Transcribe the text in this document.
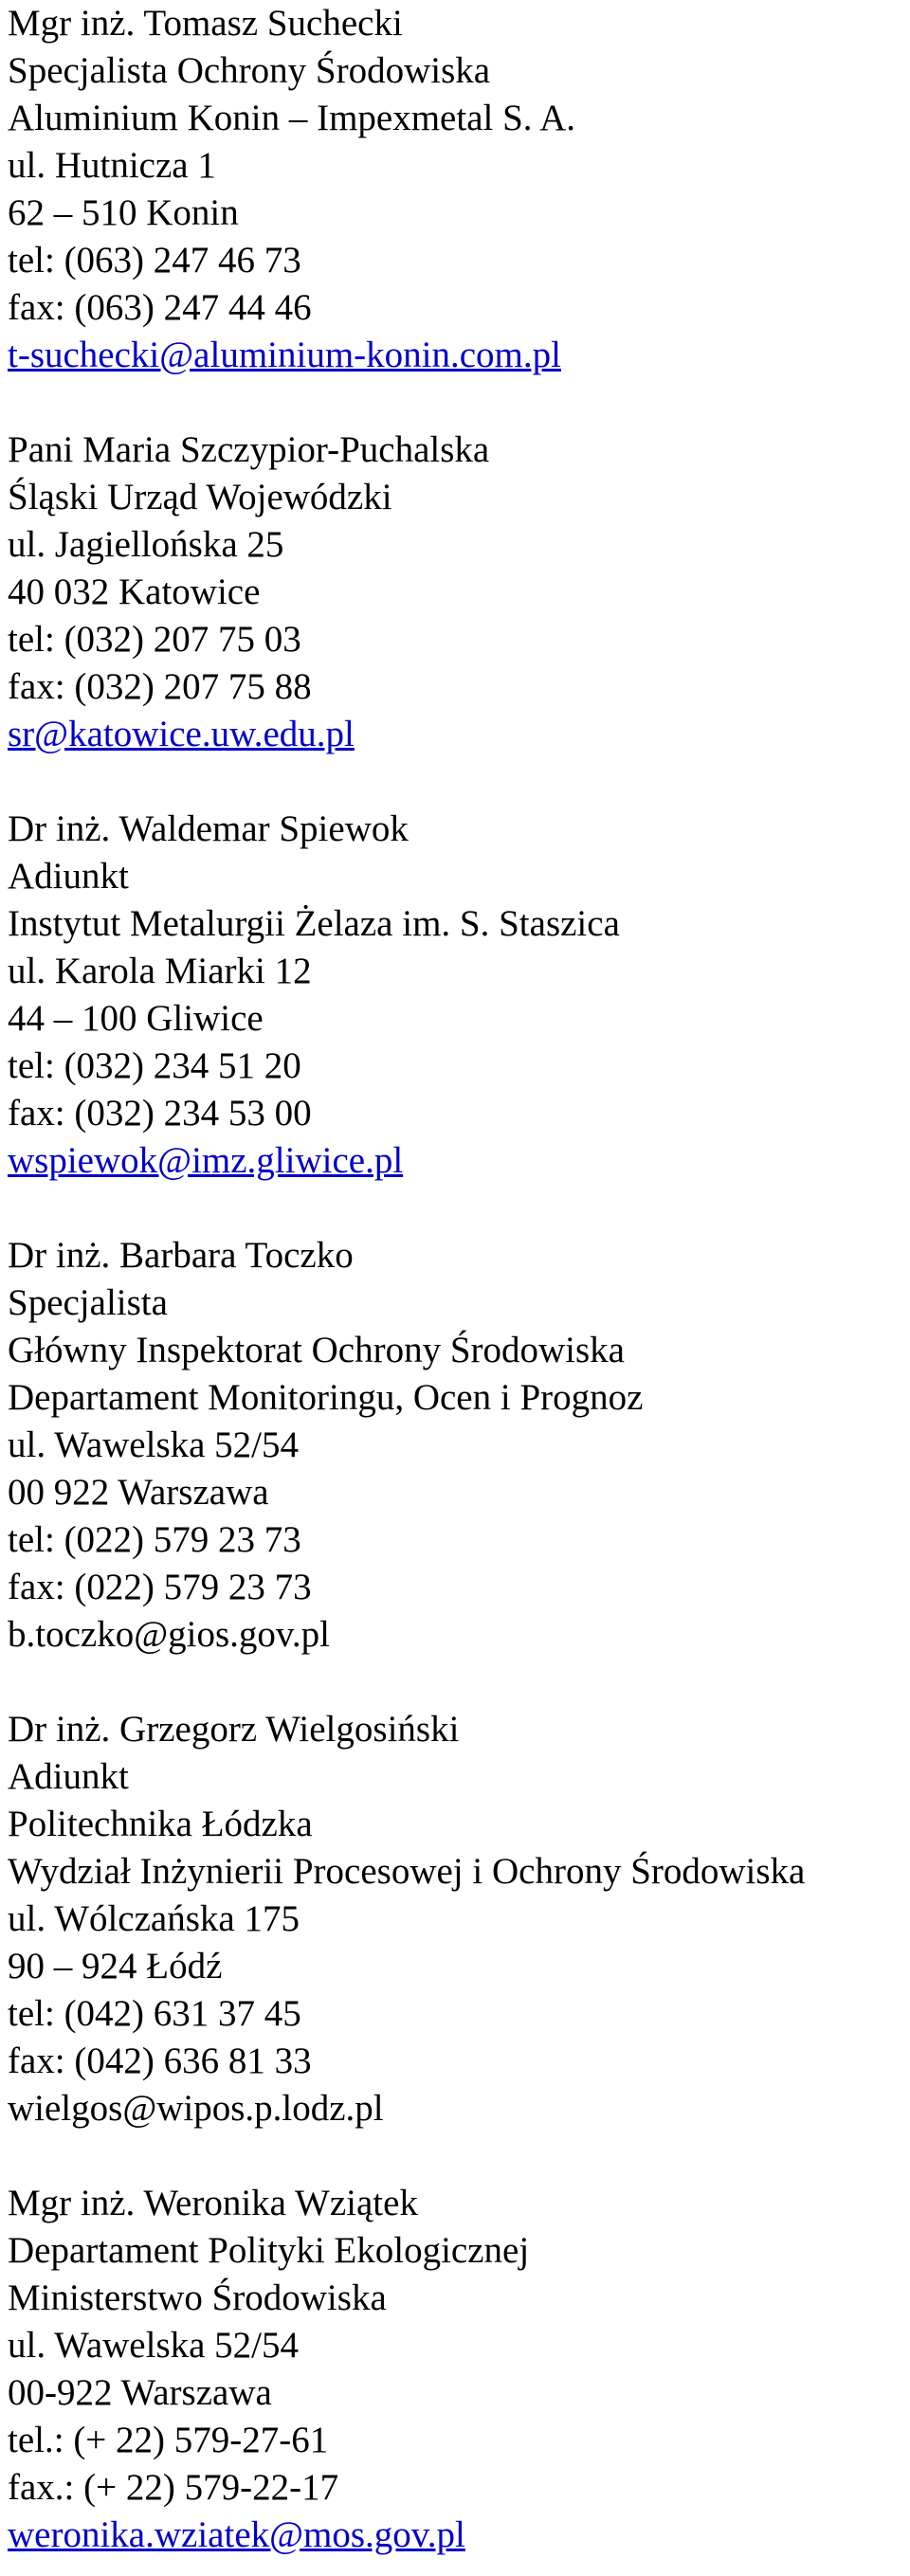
Mgr inż. Tomasz Suchecki
Specjalista Ochrony Środowiska
Aluminium Konin – Impexmetal S. A.
ul. Hutnicza 1
62 – 510 Konin
tel: (063) 247 46 73
fax: (063) 247 44 46
t-suchecki@aluminium-konin.com.pl
Pani Maria Szczypior-Puchalska
Śląski Urząd Wojewódzki
ul. Jagiellońska 25
40 032 Katowice
tel: (032) 207 75 03
fax: (032) 207 75 88
sr@katowice.uw.edu.pl
Dr inż. Waldemar Spiewok
Adiunkt
Instytut Metalurgii Żelaza im. S. Staszica
ul. Karola Miarki 12
44 – 100 Gliwice
tel: (032) 234 51 20
fax: (032) 234 53 00
wspiewok@imz.gliwice.pl
Dr inż. Barbara Toczko
Specjalista
Główny Inspektorat Ochrony Środowiska
Departament Monitoringu, Ocen i Prognoz
ul. Wawelska 52/54
00 922 Warszawa
tel: (022) 579 23 73
fax: (022) 579 23 73
b.toczko@gios.gov.pl
Dr inż. Grzegorz Wielgosiński
Adiunkt
Politechnika Łódzka
Wydział Inżynierii Procesowej i Ochrony Środowiska
ul. Wólczańska 175
90 – 924 Łódź
tel: (042) 631 37 45
fax: (042) 636 81 33
wielgos@wipos.p.lodz.pl
Mgr inż. Weronika Wziątek
Departament Polityki Ekologicznej
Ministerstwo Środowiska
ul. Wawelska 52/54
00-922 Warszawa
tel.: (+ 22) 579-27-61
fax.: (+ 22) 579-22-17
weronika.wziatek@mos.gov.pl
